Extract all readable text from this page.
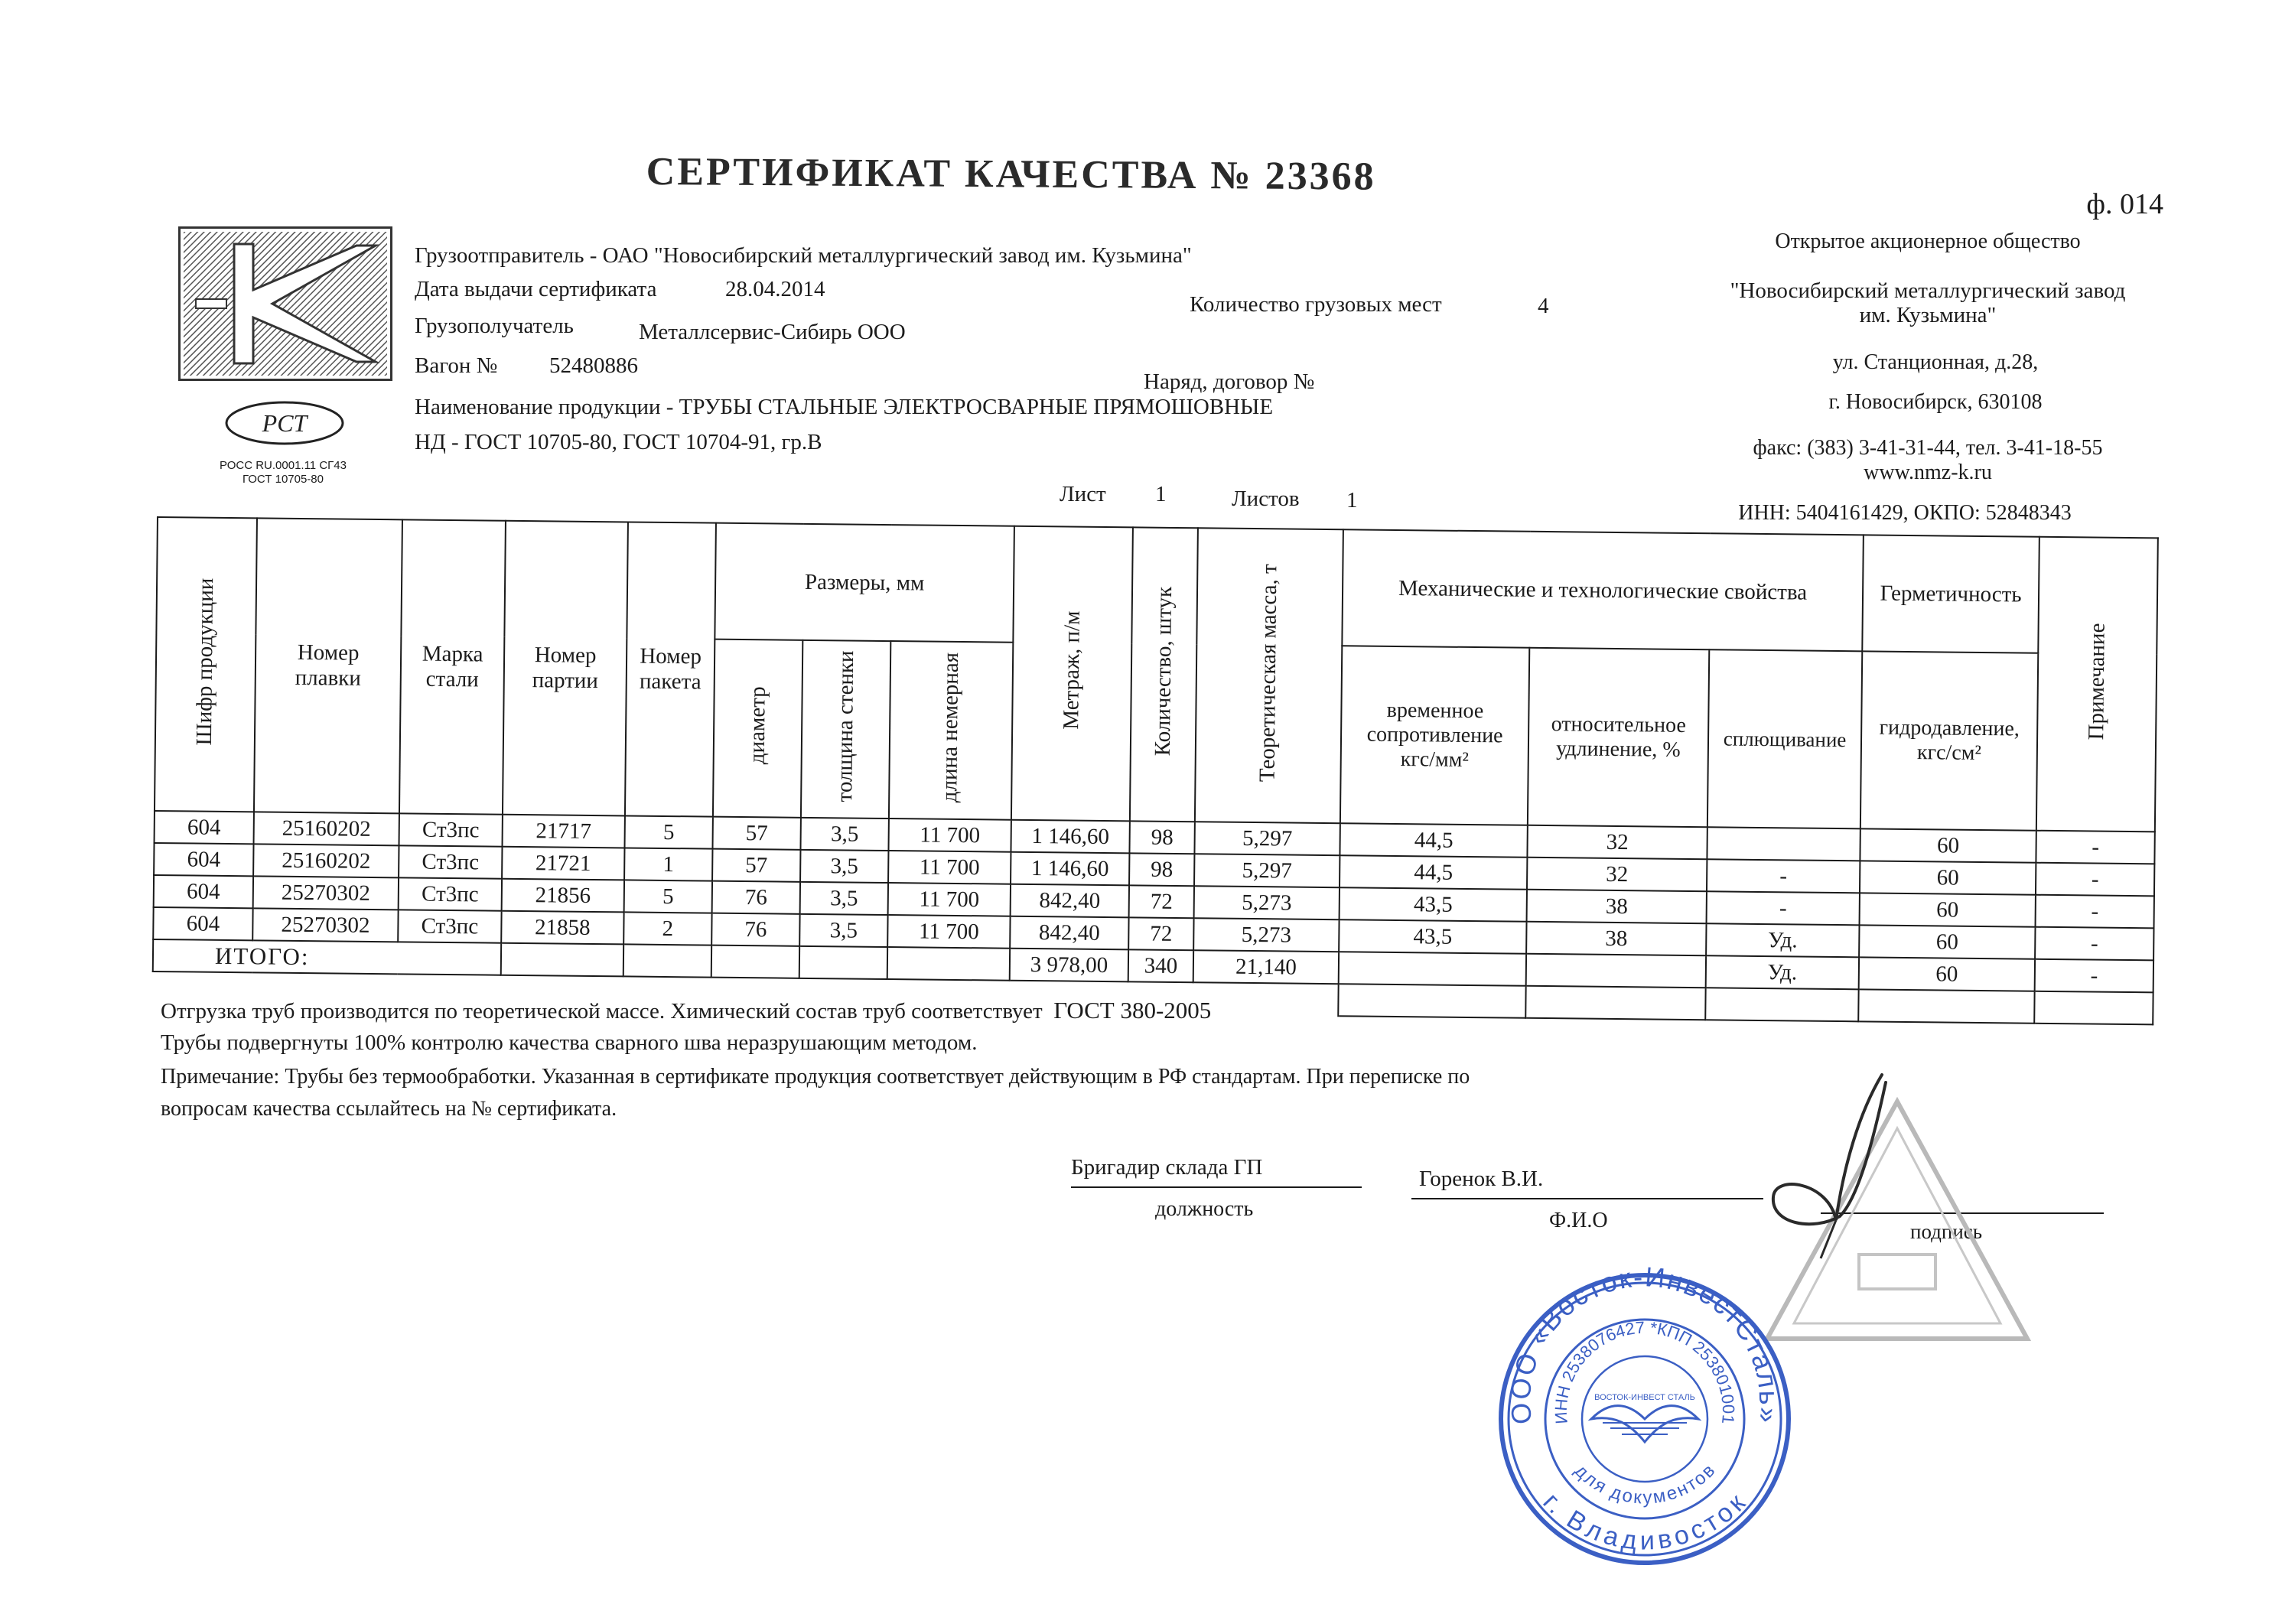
СЕРТИФИКАТ КАЧЕСТВА № 23368
ф. 014
РСТ
РОСС RU.0001.11 СГ43
ГОСТ 10705-80
Грузоотправитель - ОАО "Новосибирский металлургический завод им. Кузьмина"
Дата выдачи сертификата	28.04.2014
Количество грузовых мест	4
Грузополучатель	Металлсервис-Сибирь ООО
Вагон № 52480886
Наряд, договор №
Наименование продукции - ТРУБЫ СТАЛЬНЫЕ ЭЛЕКТРОСВАРНЫЕ ПРЯМОШОВНЫЕ
НД - ГОСТ 10705-80, ГОСТ 10704-91, гр.В
Лист 1	Листов 1
Открытое акционерное общество
"Новосибирский металлургический завод
им. Кузьмина"
ул. Станционная, д.28,
г. Новосибирск, 630108
факс: (383) 3-41-31-44, тел. 3-41-18-55
www.nmz-k.ru
ИНН: 5404161429, ОКПО: 52848343
Шифр продукции	Номер плавки	Марка стали	Номер партии	Номер пакета	Размеры, мм			Метраж, п/м	Количество, штук	Теоретическая масса, т	Механические и технологические свойства			Герметичность	Примечание
					диаметр	толщина стенки	длина немерная				временное сопротивление кгс/мм²	относительное удлинение, %	сплющивание	гидродавление, кгс/см²	
604	25160202	Ст3пс	21717	5	57	3,5	11 700	1 146,60	98	5,297	44,5	32		60	-
604	25160202	Ст3пс	21721	1	57	3,5	11 700	1 146,60	98	5,297	44,5	32	-	60	-
604	25270302	Ст3пс	21856	5	76	3,5	11 700	842,40	72	5,273	43,5	38	-	60	-
604	25270302	Ст3пс	21858	2	76	3,5	11 700	842,40	72	5,273	43,5	38	Уд.	60	-
ИТОГО:								3 978,00	340	21,140			Уд.	60	-

Отгрузка труб производится по теоретической массе. Химический состав труб соответствует ГОСТ 380-2005
Трубы подвергнуты 100% контролю качества сварного шва неразрушающим методом.
Примечание: Трубы без термообработки. Указанная в сертификате продукция соответствует действующим в РФ стандартам. При переписке по
вопросам качества ссылайтесь на № сертификата.
Бригадир склада ГП
должность
Горенок В.И.
Ф.И.О	подпись
ООО «Восток-ИнвестСталь»
ИНН 2538076427 *КПП 253801001
г. Владивосток
для документов
ВОСТОК-ИНВЕСТ СТАЛЬ
